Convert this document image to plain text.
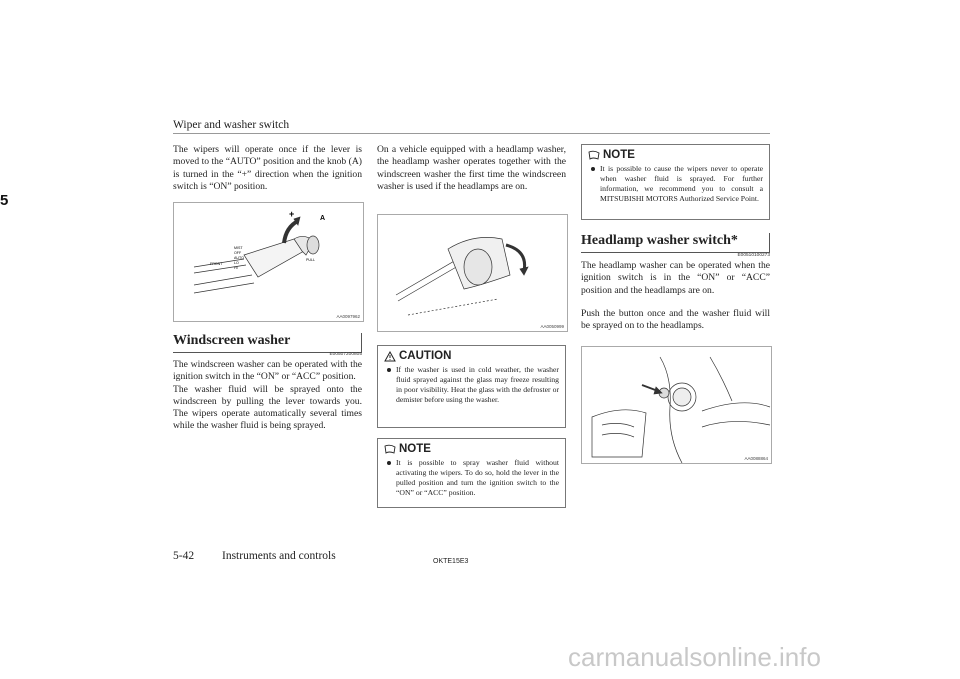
Wiper and washer switch
5

The wipers will operate once if the lever is moved to the “AUTO” position and the knob (A) is turned in the “+” direction when the ignition switch is “ON” position.

A
+
MIST
OFF
AUTO
LO
HI
FRONT
PULL
AA0097962
Windscreen washer
E00507200805

The windscreen washer can be operated with the ignition switch in the “ON” or “ACC” position.
The washer fluid will be sprayed onto the windscreen by pulling the lever towards you. The wipers operate automatically several times while the washer fluid is being sprayed.

On a vehicle equipped with a headlamp washer, the headlamp washer operates together with the windscreen washer the first time the windscreen washer is used if the headlamps are on.

AA0050999
CAUTION

If the washer is used in cold weather, the washer fluid sprayed against the glass may freeze resulting in poor visibility. Heat the glass with the defroster or demister before using the washer.

NOTE

It is possible to spray washer fluid without activating the wipers. To do so, hold the lever in the pulled position and turn the ignition switch to the “ON” or “ACC” position.

NOTE

It is possible to cause the wipers never to operate when washer fluid is sprayed. For further information, we recommend you to consult a MITSUBISHI MOTORS Authorized Service Point.

Headlamp washer switch*
E00510100273

The headlamp washer can be operated when the ignition switch is in the “ON” or “ACC” position and the headlamps are on.

Push the button once and the washer fluid will be sprayed on to the headlamps.

AA0088864
5-42 Instruments and controls	OKTE15E3
carmanualsonline.info
